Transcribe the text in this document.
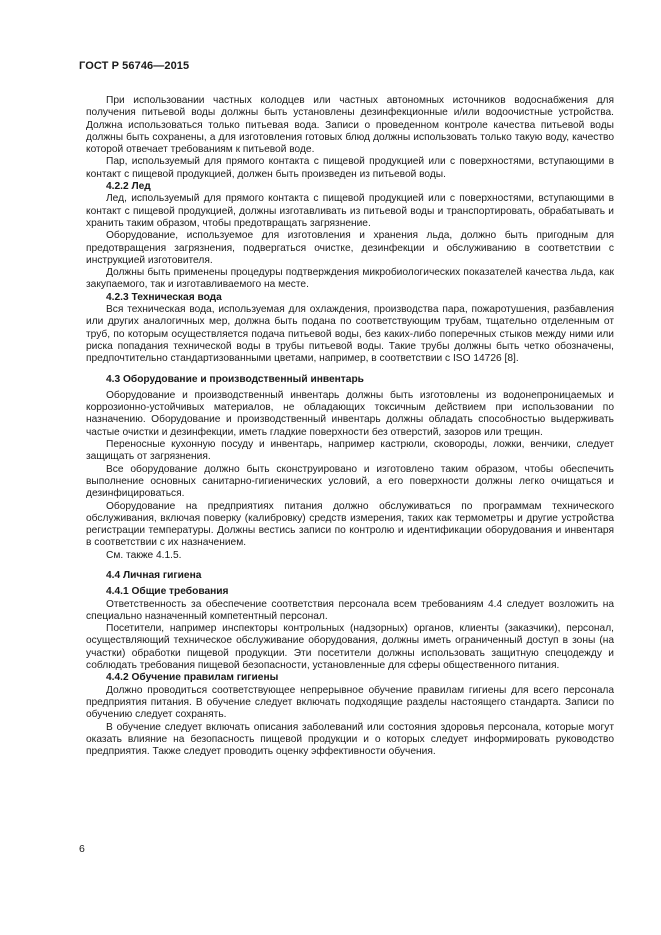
ГОСТ Р 56746—2015

При использовании частных колодцев или частных автономных источников водоснабжения для получения питьевой воды должны быть установлены дезинфекционные и/или водоочистные устройства. Должна использоваться только питьевая вода. Записи о проведенном контроле качества питьевой воды должны быть сохранены, а для изготовления готовых блюд должны использовать только такую воду, качество которой отвечает требованиям к питьевой воде.

Пар, используемый для прямого контакта с пищевой продукцией или с поверхностями, вступающими в контакт с пищевой продукцией, должен быть произведен из питьевой воды.

4.2.2 Лед

Лед, используемый для прямого контакта с пищевой продукцией или с поверхностями, вступающими в контакт с пищевой продукцией, должны изготавливать из питьевой воды и транспортировать, обрабатывать и хранить таким образом, чтобы предотвращать загрязнение.

Оборудование, используемое для изготовления и хранения льда, должно быть пригодным для предотвращения загрязнения, подвергаться очистке, дезинфекции и обслуживанию в соответствии с инструкцией изготовителя.

Должны быть применены процедуры подтверждения микробиологических показателей качества льда, как закупаемого, так и изготавливаемого на месте.

4.2.3 Техническая вода

Вся техническая вода, используемая для охлаждения, производства пара, пожаротушения, разбавления или других аналогичных мер, должна быть подана по соответствующим трубам, тщательно отделенным от труб, по которым осуществляется подача питьевой воды, без каких-либо поперечных стыков между ними или риска попадания технической воды в трубы питьевой воды. Такие трубы должны быть четко обозначены, предпочтительно стандартизованными цветами, например, в соответствии с ISO 14726 [8].

4.3 Оборудование и производственный инвентарь

Оборудование и производственный инвентарь должны быть изготовлены из водонепроницаемых и коррозионно-устойчивых материалов, не обладающих токсичным действием при использовании по назначению. Оборудование и производственный инвентарь должны обладать способностью выдерживать частые очистки и дезинфекции, иметь гладкие поверхности без отверстий, зазоров или трещин.

Переносные кухонную посуду и инвентарь, например кастрюли, сковороды, ложки, венчики, следует защищать от загрязнения.

Все оборудование должно быть сконструировано и изготовлено таким образом, чтобы обеспечить выполнение основных санитарно-гигиенических условий, а его поверхности должны легко очищаться и дезинфицироваться.

Оборудование на предприятиях питания должно обслуживаться по программам технического обслуживания, включая поверку (калибровку) средств измерения, таких как термометры и другие устройства регистрации температуры. Должны вестись записи по контролю и идентификации оборудования и инвентаря в соответствии с их назначением.

См. также 4.1.5.

4.4 Личная гигиена

4.4.1 Общие требования

Ответственность за обеспечение соответствия персонала всем требованиям 4.4 следует возложить на специально назначенный компетентный персонал.

Посетители, например инспекторы контрольных (надзорных) органов, клиенты (заказчики), персонал, осуществляющий техническое обслуживание оборудования, должны иметь ограниченный доступ в зоны (на участки) обработки пищевой продукции. Эти посетители должны использовать защитную спецодежду и соблюдать требования пищевой безопасности, установленные для сферы общественного питания.

4.4.2 Обучение правилам гигиены

Должно проводиться соответствующее непрерывное обучение правилам гигиены для всего персонала предприятия питания. В обучение следует включать подходящие разделы настоящего стандарта. Записи по обучению следует сохранять.

В обучение следует включать описания заболеваний или состояния здоровья персонала, которые могут оказать влияние на безопасность пищевой продукции и о которых следует информировать руководство предприятия. Также следует проводить оценку эффективности обучения.

6
